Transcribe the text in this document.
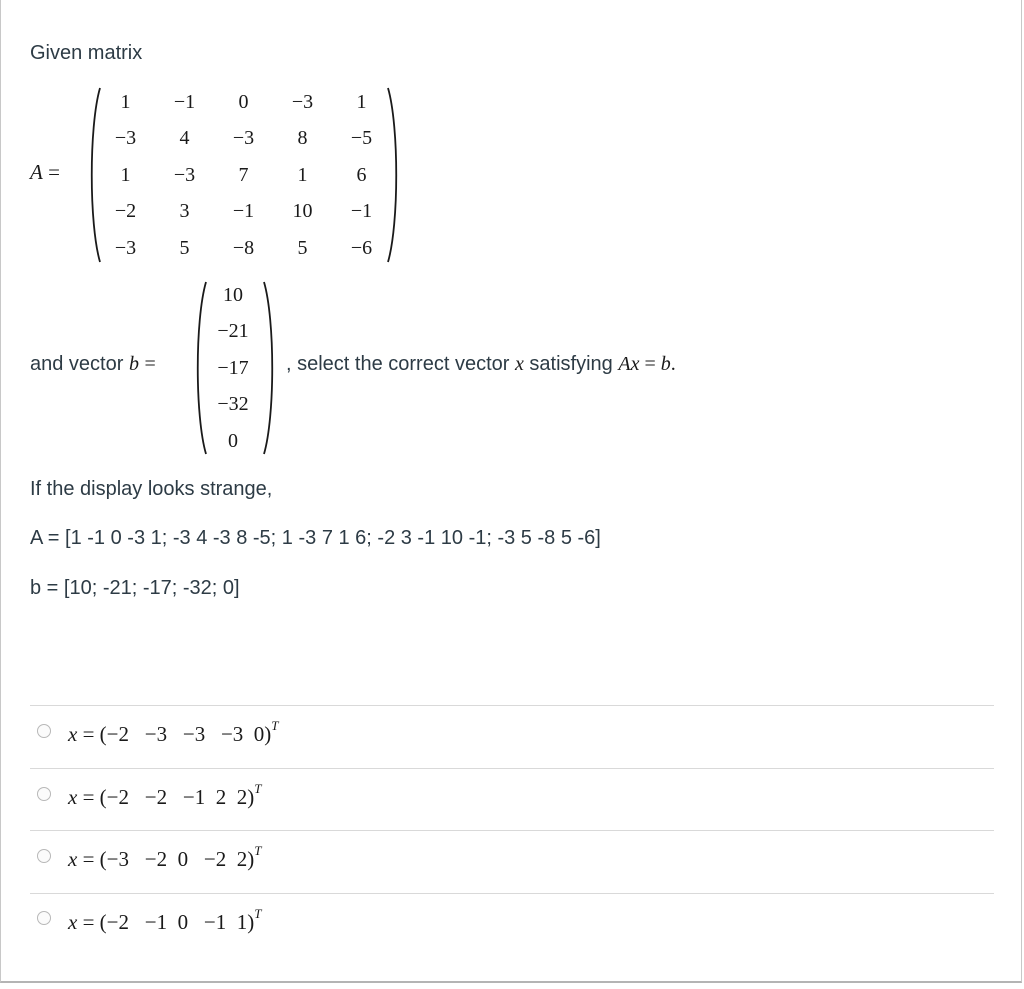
Given matrix
A =
1	−1	0	−3	1
−3	4	−3	8	−5
1	−3	7	1	6
−2	3	−1	10	−1
−3	5	−8	5	−6
and vector b =
10
−21
−17
−32
0
, select the correct vector x satisfying Ax = b.
If the display looks strange,
A = [1 -1 0 -3 1; -3 4 -3 8 -5; 1 -3 7 1 6; -2 3 -1 10 -1; -3 5 -8 5 -6]
b = [10; -21; -17; -32; 0]
x = (−2 −3 −3 −3 0)$^T$
x = (−2 −2 −1 2 2)$^T$
x = (−3 −2 0 −2 2)$^T$
x = (−2 −1 0 −1 1)$^T$
